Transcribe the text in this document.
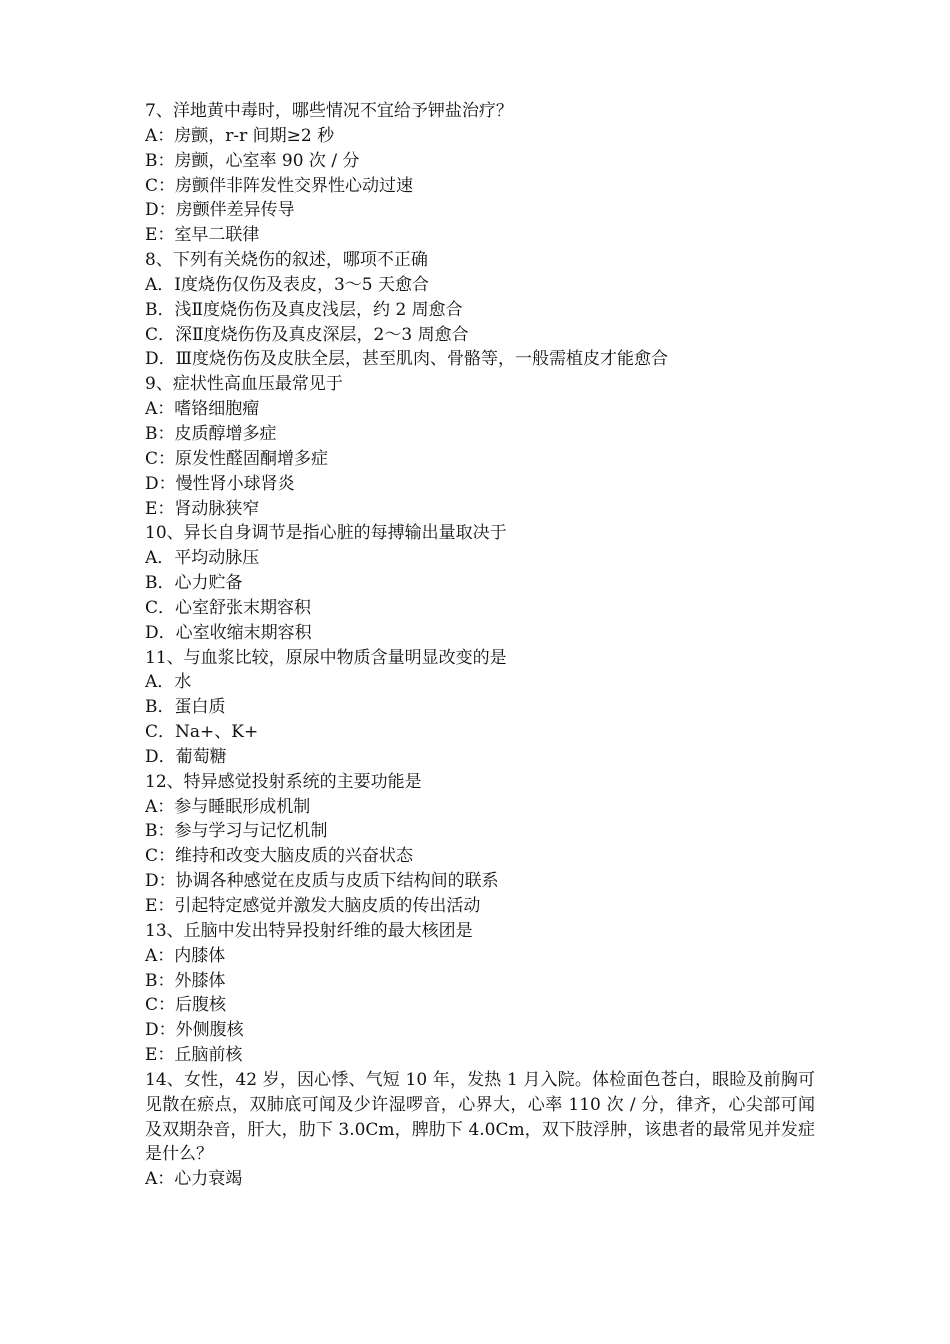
7、洋地黄中毒时，哪些情况不宜给予钾盐治疗？
A：房颤，r-r 间期≥2 秒
B：房颤，心室率 90 次 / 分
C：房颤伴非阵发性交界性心动过速
D：房颤伴差异传导
E：室早二联律
8、下列有关烧伤的叙述，哪项不正确
A．Ⅰ度烧伤仅伤及表皮，3～5 天愈合
B．浅Ⅱ度烧伤伤及真皮浅层，约 2 周愈合
C．深Ⅱ度烧伤伤及真皮深层，2～3 周愈合
D．Ⅲ度烧伤伤及皮肤全层，甚至肌肉、骨骼等，一般需植皮才能愈合
9、症状性高血压最常见于
A：嗜铬细胞瘤
B：皮质醇增多症
C：原发性醛固酮增多症
D：慢性肾小球肾炎
E：肾动脉狭窄
10、异长自身调节是指心脏的每搏输出量取决于
A．平均动脉压
B．心力贮备
C．心室舒张末期容积
D．心室收缩末期容积
11、与血浆比较，原尿中物质含量明显改变的是
A．水
B．蛋白质
C．Na+、K+
D．葡萄糖
12、特异感觉投射系统的主要功能是
A：参与睡眠形成机制
B：参与学习与记忆机制
C：维持和改变大脑皮质的兴奋状态
D：协调各种感觉在皮质与皮质下结构间的联系
E：引起特定感觉并激发大脑皮质的传出活动
13、丘脑中发出特异投射纤维的最大核团是
A：内膝体
B：外膝体
C：后腹核
D：外侧腹核
E：丘脑前核
14、女性，42 岁，因心悸、气短 10 年，发热 1 月入院。体检面色苍白，眼睑及前胸可见散在瘀点，双肺底可闻及少许湿啰音，心界大，心率 110 次 / 分，律齐，心尖部可闻及双期杂音，肝大，肋下 3.0Cm，脾肋下 4.0Cm，双下肢浮肿，该患者的最常见并发症是什么？
A：心力衰竭
